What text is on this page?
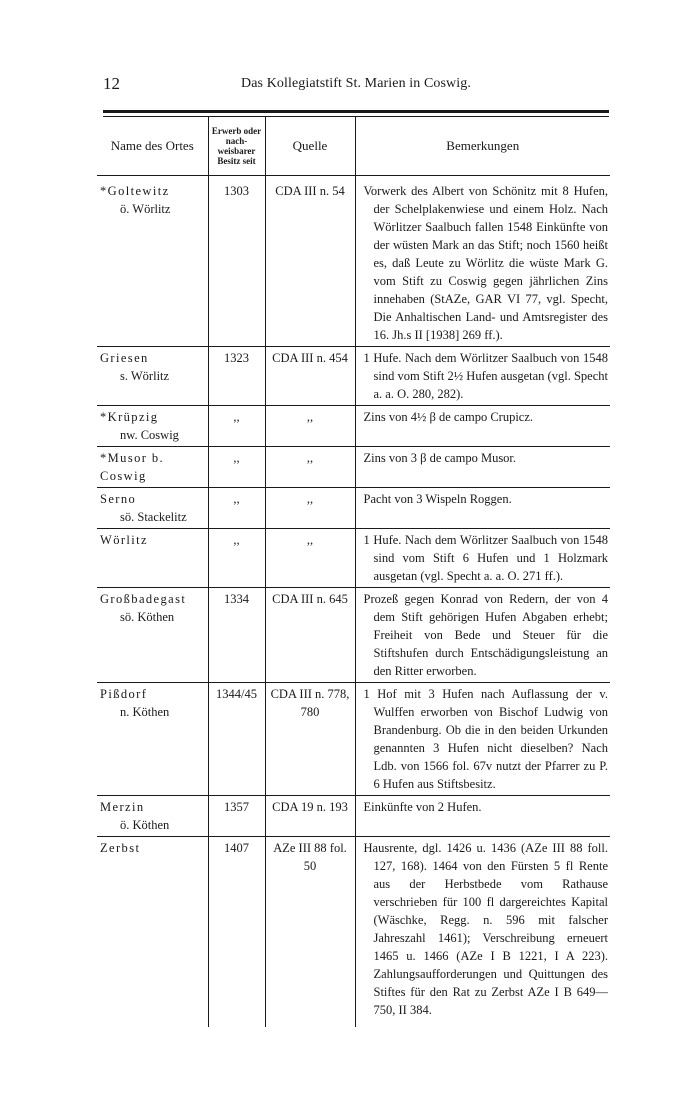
12	Das Kollegiatstift St. Marien in Coswig.
Name des Ortes	Erwerb oder nach-weisbarer Besitz seit	Quelle	Bemerkungen

*Goltewitz
ö. Wörlitz	1303	CDA III n. 54	Vorwerk des Albert von Schönitz mit 8 Hufen, der Schelplakenwiese und einem Holz. Nach Wörlitzer Saalbuch fallen 1548 Einkünfte von der wüsten Mark an das Stift; noch 1560 heißt es, daß Leute zu Wörlitz die wüste Mark G. vom Stift zu Coswig gegen jährlichen Zins innehaben (StAZe, GAR VI 77, vgl. Specht, Die Anhaltischen Land- und Amtsregister des 16. Jh.s II [1938] 269 ff.).

Griesen
s. Wörlitz	1323	CDA III n. 454	1 Hufe. Nach dem Wörlitzer Saalbuch von 1548 sind vom Stift 2½ Hufen ausgetan (vgl. Specht a. a. O. 280, 282).

*Krüpzig
nw. Coswig	,,	,,	Zins von 4½ β de campo Crupicz.

*Musor b. Coswig	,,	,,	Zins von 3 β de campo Musor.

Serno
sö. Stackelitz	,,	,,	Pacht von 3 Wispeln Roggen.

Wörlitz	,,	,,	1 Hufe. Nach dem Wörlitzer Saalbuch von 1548 sind vom Stift 6 Hufen und 1 Holzmark ausgetan (vgl. Specht a. a. O. 271 ff.).

Großbadegast
sö. Köthen	1334	CDA III n. 645	Prozeß gegen Konrad von Redern, der von 4 dem Stift gehörigen Hufen Abgaben erhebt; Freiheit von Bede und Steuer für die Stiftshufen durch Entschädigungsleistung an den Ritter erworben.

Pißdorf
n. Köthen	1344/45	CDA III n. 778, 780	1 Hof mit 3 Hufen nach Auflassung der v. Wulffen erworben von Bischof Ludwig von Brandenburg. Ob die in den beiden Urkunden genannten 3 Hufen nicht dieselben? Nach Ldb. von 1566 fol. 67v nutzt der Pfarrer zu P. 6 Hufen aus Stiftsbesitz.

Merzin
ö. Köthen	1357	CDA 19 n. 193	Einkünfte von 2 Hufen.

Zerbst	1407	AZe III 88 fol. 50	Hausrente, dgl. 1426 u. 1436 (AZe III 88 foll. 127, 168). 1464 von den Fürsten 5 fl Rente aus der Herbstbede vom Rathause verschrieben für 100 fl dargereichtes Kapital (Wäschke, Regg. n. 596 mit falscher Jahreszahl 1461); Verschreibung erneuert 1465 u. 1466 (AZe I B 1221, I A 223). Zahlungsaufforderungen und Quittungen des Stiftes für den Rat zu Zerbst AZe I B 649—750, II 384.
